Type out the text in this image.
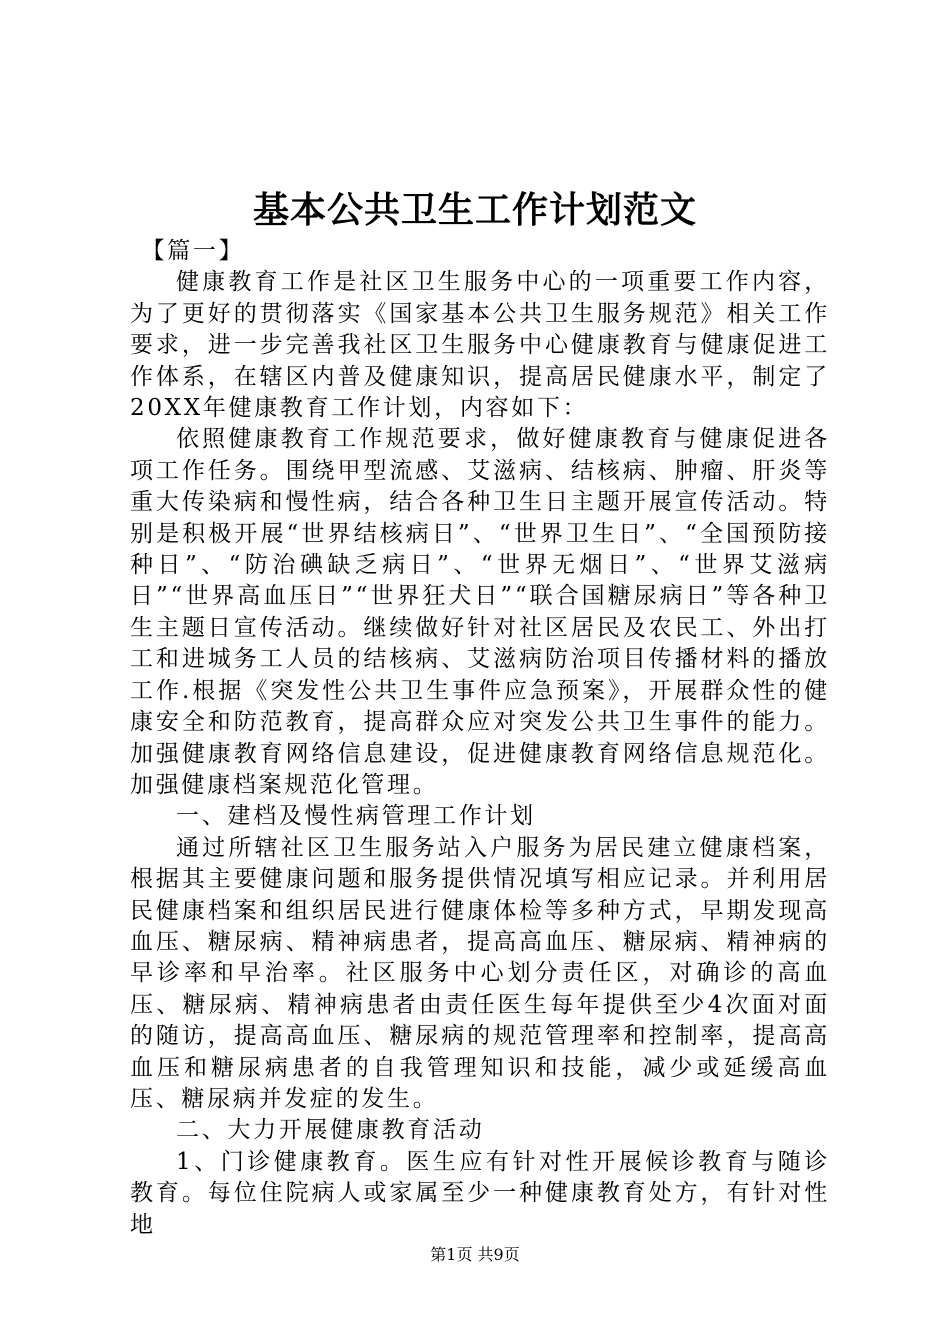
基本公共卫生工作计划范文

【篇一】

健康教育工作是社区卫生服务中心的一项重要工作内容，为了更好的贯彻落实《国家基本公共卫生服务规范》相关工作要求，进一步完善我社区卫生服务中心健康教育与健康促进工作体系，在辖区内普及健康知识，提高居民健康水平，制定了20XX年健康教育工作计划，内容如下：

依照健康教育工作规范要求，做好健康教育与健康促进各项工作任务。围绕甲型流感、艾滋病、结核病、肿瘤、肝炎等重大传染病和慢性病，结合各种卫生日主题开展宣传活动。特别是积极开展“世界结核病日”、“世界卫生日”、“全国预防接种日”、“防治碘缺乏病日”、“世界无烟日”、“世界艾滋病日”“世界高血压日”“世界狂犬日”“联合国糖尿病日”等各种卫生主题日宣传活动。继续做好针对社区居民及农民工、外出打工和进城务工人员的结核病、艾滋病防治项目传播材料的播放工作.根据《突发性公共卫生事件应急预案》，开展群众性的健康安全和防范教育，提高群众应对突发公共卫生事件的能力。加强健康教育网络信息建设，促进健康教育网络信息规范化。加强健康档案规范化管理。

一、建档及慢性病管理工作计划

通过所辖社区卫生服务站入户服务为居民建立健康档案，根据其主要健康问题和服务提供情况填写相应记录。并利用居民健康档案和组织居民进行健康体检等多种方式，早期发现高血压、糖尿病、精神病患者，提高高血压、糖尿病、精神病的早诊率和早治率。社区服务中心划分责任区，对确诊的高血压、糖尿病、精神病患者由责任医生每年提供至少4次面对面的随访，提高高血压、糖尿病的规范管理率和控制率，提高高血压和糖尿病患者的自我管理知识和技能，减少或延缓高血压、糖尿病并发症的发生。

二、大力开展健康教育活动

1、门诊健康教育。医生应有针对性开展候诊教育与随诊教育。每位住院病人或家属至少一种健康教育处方，有针对性地

第1页 共9页
